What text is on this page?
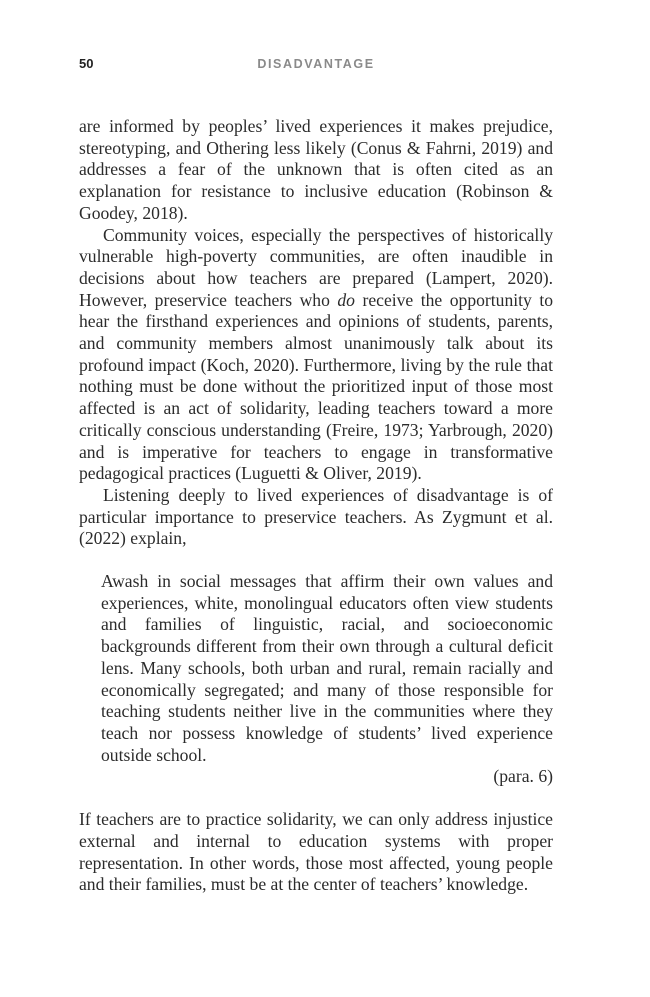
50	DISADVANTAGE

are informed by peoples’ lived experiences it makes prejudice, stereotyping, and Othering less likely (Conus & Fahrni, 2019) and addresses a fear of the unknown that is often cited as an explanation for resistance to inclusive education (Robinson & Goodey, 2018).

Community voices, especially the perspectives of historically vulnerable high-poverty communities, are often inaudible in decisions about how teachers are prepared (Lampert, 2020). However, preservice teachers who do receive the opportunity to hear the firsthand experiences and opinions of students, parents, and community members almost unanimously talk about its profound impact (Koch, 2020). Furthermore, living by the rule that nothing must be done without the prioritized input of those most affected is an act of solidarity, leading teachers toward a more critically conscious understanding (Freire, 1973; Yarbrough, 2020) and is imperative for teachers to engage in transformative pedagogical practices (Luguetti & Oliver, 2019).

Listening deeply to lived experiences of disadvantage is of particular importance to preservice teachers. As Zygmunt et al. (2022) explain,

Awash in social messages that affirm their own values and experiences, white, monolingual educators often view students and families of linguistic, racial, and socioeconomic backgrounds different from their own through a cultural deficit lens. Many schools, both urban and rural, remain racially and economically segregated; and many of those responsible for teaching students neither live in the communities where they teach nor possess knowledge of students’ lived experience outside school.

(para. 6)

If teachers are to practice solidarity, we can only address injustice external and internal to education systems with proper representation. In other words, those most affected, young people and their families, must be at the center of teachers’ knowledge.
